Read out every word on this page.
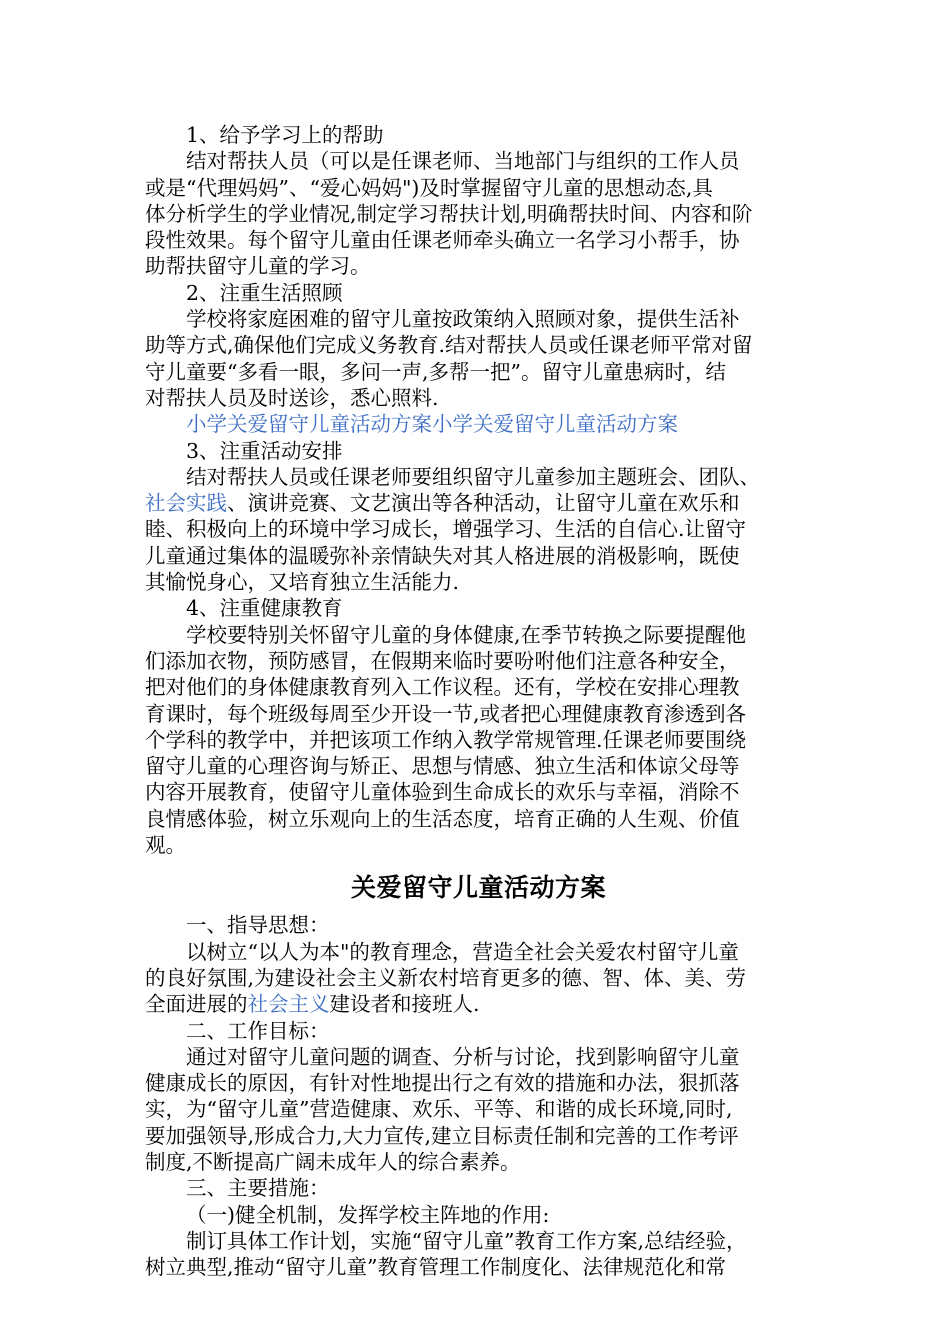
1、给予学习上的帮助
结对帮扶人员（可以是任课老师、当地部门与组织的工作人员
或是“代理妈妈”、“爱心妈妈")及时掌握留守儿童的思想动态,具
体分析学生的学业情况,制定学习帮扶计划,明确帮扶时间、内容和阶
段性效果。每个留守儿童由任课老师牵头确立一名学习小帮手，协
助帮扶留守儿童的学习。
2、注重生活照顾
学校将家庭困难的留守儿童按政策纳入照顾对象，提供生活补
助等方式,确保他们完成义务教育.结对帮扶人员或任课老师平常对留
守儿童要“多看一眼，多问一声,多帮一把”。留守儿童患病时，结
对帮扶人员及时送诊，悉心照料.
小学关爱留守儿童活动方案小学关爱留守儿童活动方案
3、注重活动安排
结对帮扶人员或任课老师要组织留守儿童参加主题班会、团队、
社会实践、演讲竞赛、文艺演出等各种活动，让留守儿童在欢乐和
睦、积极向上的环境中学习成长，增强学习、生活的自信心.让留守
儿童通过集体的温暖弥补亲情缺失对其人格进展的消极影响，既使
其愉悦身心，又培育独立生活能力.
4、注重健康教育
学校要特别关怀留守儿童的身体健康,在季节转换之际要提醒他
们添加衣物，预防感冒，在假期来临时要吩咐他们注意各种安全，
把对他们的身体健康教育列入工作议程。还有，学校在安排心理教
育课时，每个班级每周至少开设一节,或者把心理健康教育渗透到各
个学科的教学中，并把该项工作纳入教学常规管理.任课老师要围绕
留守儿童的心理咨询与矫正、思想与情感、独立生活和体谅父母等
内容开展教育，使留守儿童体验到生命成长的欢乐与幸福，消除不
良情感体验，树立乐观向上的生活态度，培育正确的人生观、价值
观。
关爱留守儿童活动方案
一、指导思想：
以树立“以人为本"的教育理念，营造全社会关爱农村留守儿童
的良好氛围,为建设社会主义新农村培育更多的德、智、体、美、劳
全面进展的社会主义建设者和接班人.
二、工作目标：
通过对留守儿童问题的调查、分析与讨论，找到影响留守儿童
健康成长的原因，有针对性地提出行之有效的措施和办法，狠抓落
实，为“留守儿童”营造健康、欢乐、平等、和谐的成长环境,同时,
要加强领导,形成合力,大力宣传,建立目标责任制和完善的工作考评
制度,不断提高广阔未成年人的综合素养。
三、主要措施：
（一)健全机制，发挥学校主阵地的作用:
制订具体工作计划，实施“留守儿童”教育工作方案,总结经验，
树立典型,推动“留守儿童”教育管理工作制度化、法律规范化和常
